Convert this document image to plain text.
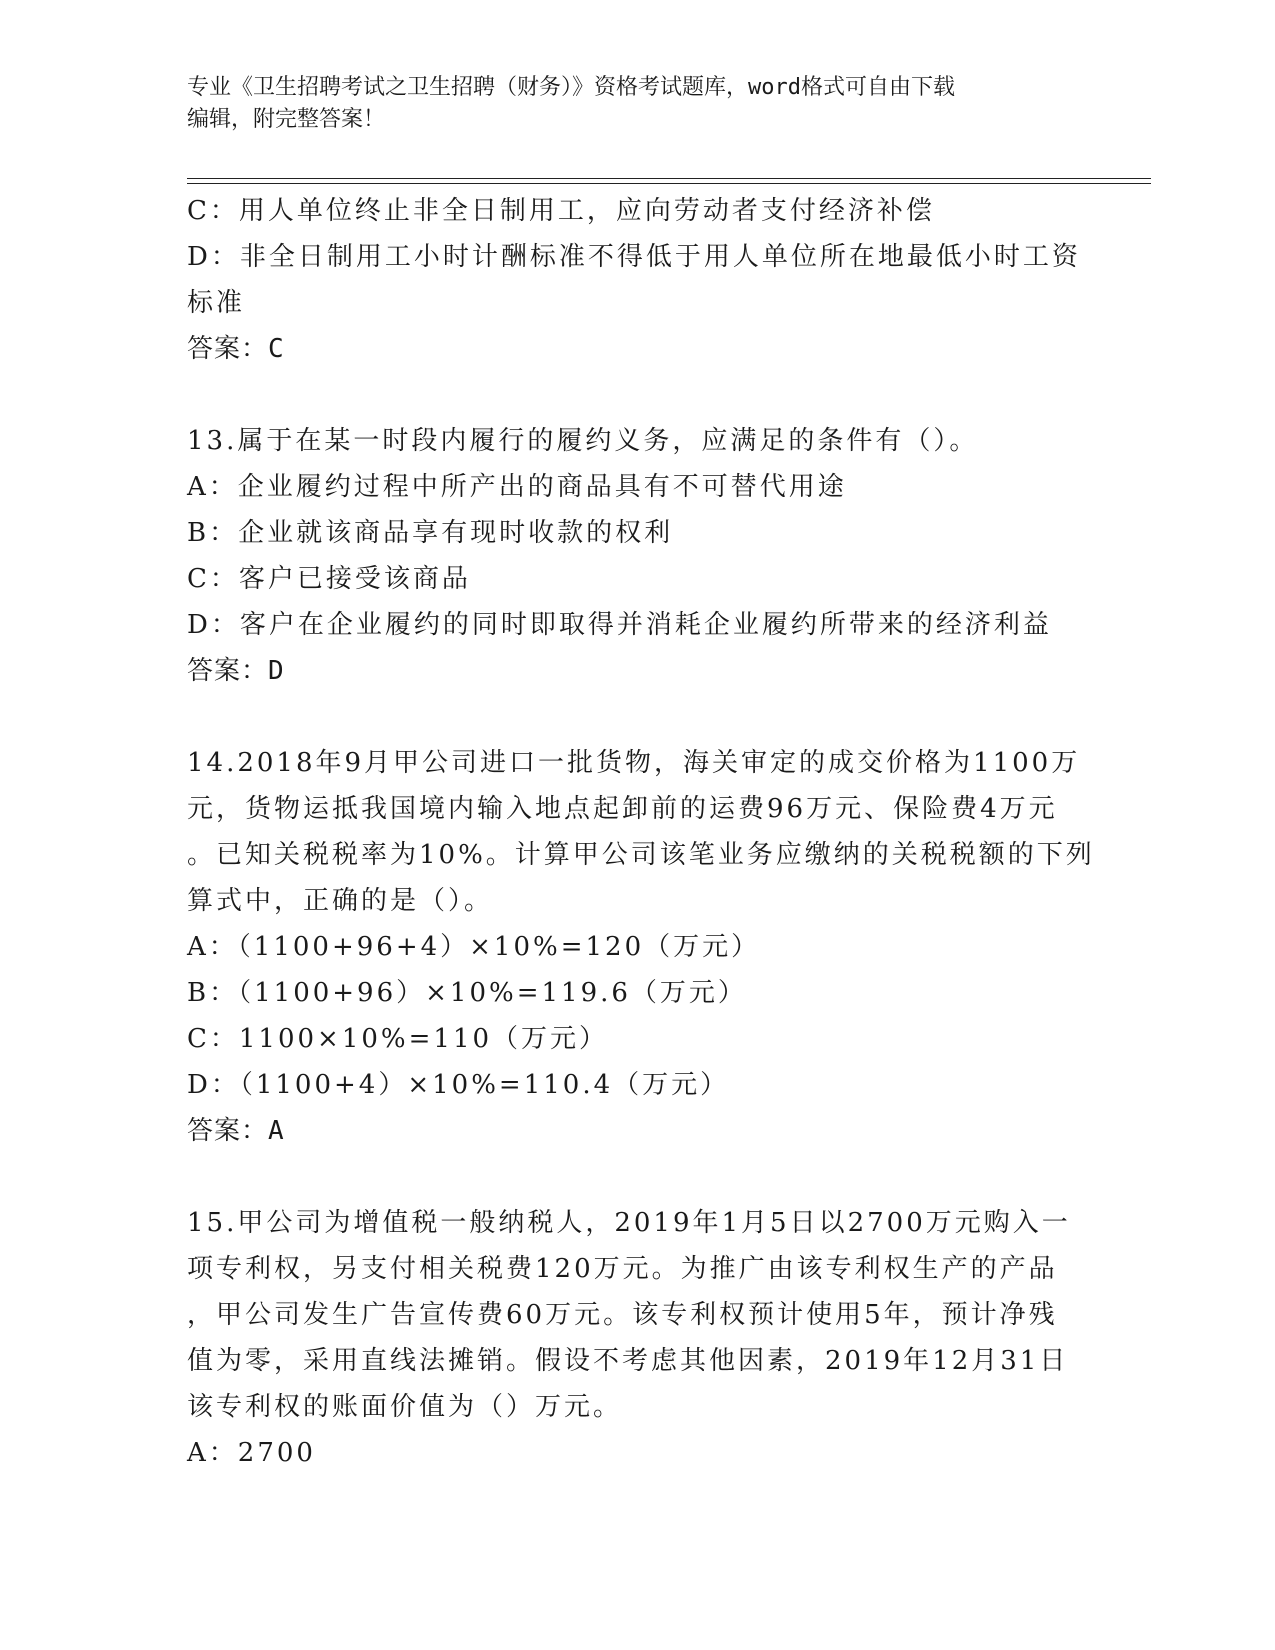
专业《卫生招聘考试之卫生招聘（财务）》资格考试题库，word格式可自由下载
编辑，附完整答案！
C：用人单位终止非全日制用工，应向劳动者支付经济补偿
D：非全日制用工小时计酬标准不得低于用人单位所在地最低小时工资
标准
答案：C
13.属于在某一时段内履行的履约义务，应满足的条件有（）。
A：企业履约过程中所产出的商品具有不可替代用途
B：企业就该商品享有现时收款的权利
C：客户已接受该商品
D：客户在企业履约的同时即取得并消耗企业履约所带来的经济利益
答案：D
14.2018年9月甲公司进口一批货物，海关审定的成交价格为1100万
元，货物运抵我国境内输入地点起卸前的运费96万元、保险费4万元
。已知关税税率为10%。计算甲公司该笔业务应缴纳的关税税额的下列
算式中，正确的是（）。
A：（1100+96+4）×10%=120（万元）
B：（1100+96）×10%=119.6（万元）
C：1100×10%=110（万元）
D：（1100+4）×10%=110.4（万元）
答案：A
15.甲公司为增值税一般纳税人，2019年1月5日以2700万元购入一
项专利权，另支付相关税费120万元。为推广由该专利权生产的产品
，甲公司发生广告宣传费60万元。该专利权预计使用5年，预计净残
值为零，采用直线法摊销。假设不考虑其他因素，2019年12月31日
该专利权的账面价值为（）万元。
A：2700
